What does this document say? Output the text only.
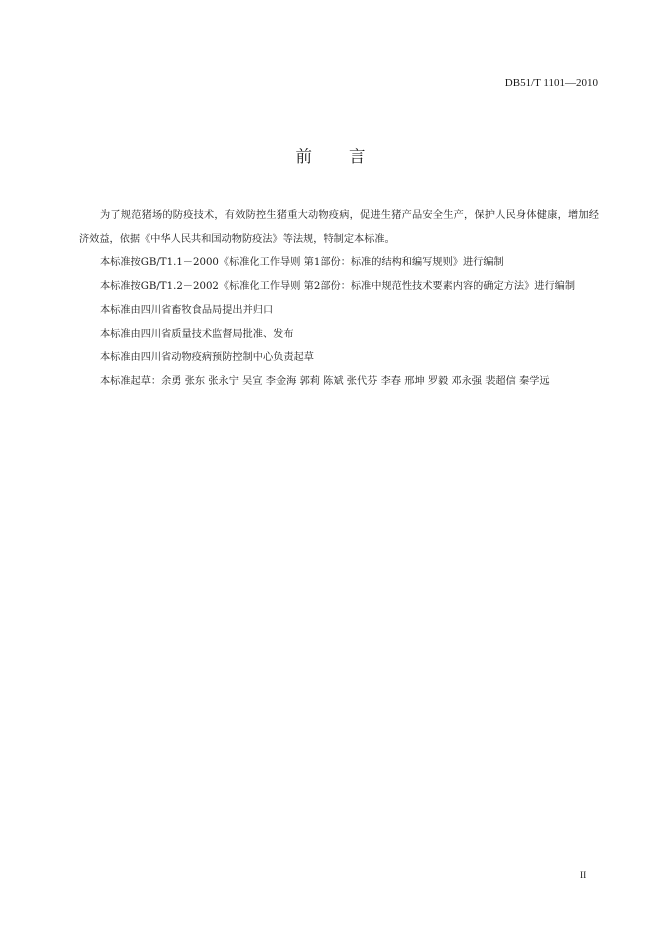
DB51/T 1101—2010
前 言

为了规范猪场的防疫技术，有效防控生猪重大动物疫病，促进生猪产品安全生产，保护人民身体健康，增加经济效益，依据《中华人民共和国动物防疫法》等法规，特制定本标准。

本标准按GB/T1.1－2000《标准化工作导则 第1部份：标准的结构和编写规则》进行编制

本标准按GB/T1.2－2002《标准化工作导则 第2部份：标准中规范性技术要素内容的确定方法》进行编制

本标准由四川省畜牧食品局提出并归口

本标准由四川省质量技术监督局批准、发布

本标准由四川省动物疫病预防控制中心负责起草

本标准起草：余勇 张东 张永宁 吴宣 李金海 郭莉 陈斌 张代芬 李春 邢坤 罗毅 邓永强 裴超信 秦学远

II
